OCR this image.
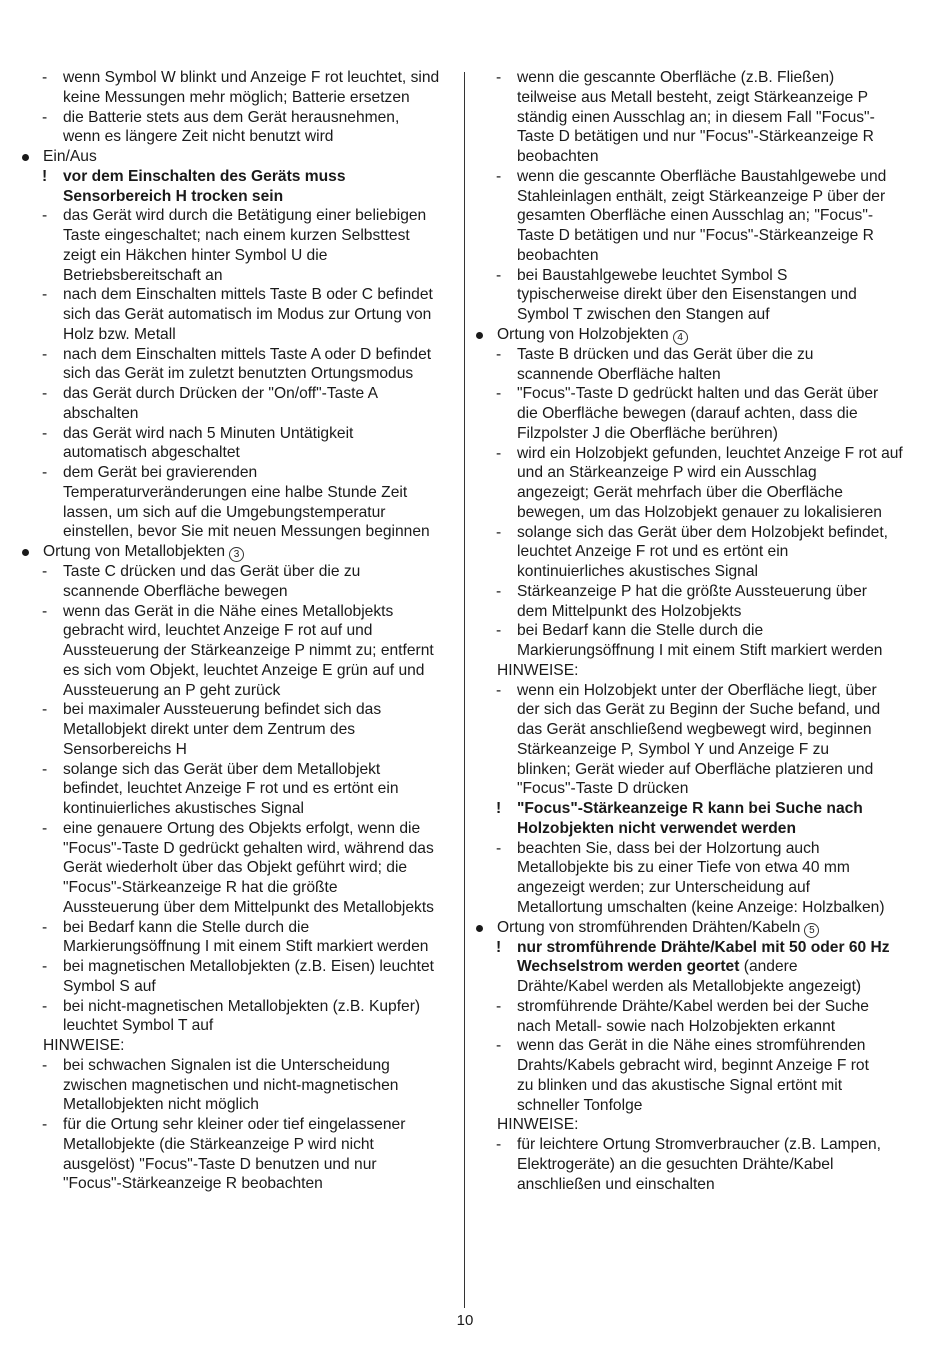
- wenn Symbol W blinkt und Anzeige F rot leuchtet, sind
keine Messungen mehr möglich; Batterie ersetzen
- die Batterie stets aus dem Gerät herausnehmen,
wenn es längere Zeit nicht benutzt wird
Ein/Aus
! vor dem Einschalten des Geräts muss
Sensorbereich H trocken sein
- das Gerät wird durch die Betätigung einer beliebigen
Taste eingeschaltet; nach einem kurzen Selbsttest
zeigt ein Häkchen hinter Symbol U die
Betriebsbereitschaft an
- nach dem Einschalten mittels Taste B oder C befindet
sich das Gerät automatisch im Modus zur Ortung von
Holz bzw. Metall
- nach dem Einschalten mittels Taste A oder D befindet
sich das Gerät im zuletzt benutzten Ortungsmodus
- das Gerät durch Drücken der "On/off"-Taste A
abschalten
- das Gerät wird nach 5 Minuten Untätigkeit
automatisch abgeschaltet
- dem Gerät bei gravierenden
Temperaturveränderungen eine halbe Stunde Zeit
lassen, um sich auf die Umgebungstemperatur
einstellen, bevor Sie mit neuen Messungen beginnen
Ortung von Metallobjekten 3
- Taste C drücken und das Gerät über die zu
scannende Oberfläche bewegen
- wenn das Gerät in die Nähe eines Metallobjekts
gebracht wird, leuchtet Anzeige F rot auf und
Aussteuerung der Stärkeanzeige P nimmt zu; entfernt
es sich vom Objekt, leuchtet Anzeige E grün auf und
Aussteuerung an P geht zurück
- bei maximaler Aussteuerung befindet sich das
Metallobjekt direkt unter dem Zentrum des
Sensorbereichs H
- solange sich das Gerät über dem Metallobjekt
befindet, leuchtet Anzeige F rot und es ertönt ein
kontinuierliches akustisches Signal
- eine genauere Ortung des Objekts erfolgt, wenn die
"Focus"-Taste D gedrückt gehalten wird, während das
Gerät wiederholt über das Objekt geführt wird; die
"Focus"-Stärkeanzeige R hat die größte
Aussteuerung über dem Mittelpunkt des Metallobjekts
- bei Bedarf kann die Stelle durch die
Markierungsöffnung I mit einem Stift markiert werden
- bei magnetischen Metallobjekten (z.B. Eisen) leuchtet
Symbol S auf
- bei nicht-magnetischen Metallobjekten (z.B. Kupfer)
leuchtet Symbol T auf
HINWEISE:
- bei schwachen Signalen ist die Unterscheidung
zwischen magnetischen und nicht-magnetischen
Metallobjekten nicht möglich
- für die Ortung sehr kleiner oder tief eingelassener
Metallobjekte (die Stärkeanzeige P wird nicht
ausgelöst) "Focus"-Taste D benutzen und nur
"Focus"-Stärkeanzeige R beobachten
- wenn die gescannte Oberfläche (z.B. Fließen)
teilweise aus Metall besteht, zeigt Stärkeanzeige P
ständig einen Ausschlag an; in diesem Fall "Focus"-
Taste D betätigen und nur "Focus"-Stärkeanzeige R
beobachten
- wenn die gescannte Oberfläche Baustahlgewebe und
Stahleinlagen enthält, zeigt Stärkeanzeige P über der
gesamten Oberfläche einen Ausschlag an; "Focus"-
Taste D betätigen und nur "Focus"-Stärkeanzeige R
beobachten
- bei Baustahlgewebe leuchtet Symbol S
typischerweise direkt über den Eisenstangen und
Symbol T zwischen den Stangen auf
Ortung von Holzobjekten 4
- Taste B drücken und das Gerät über die zu
scannende Oberfläche halten
- "Focus"-Taste D gedrückt halten und das Gerät über
die Oberfläche bewegen (darauf achten, dass die
Filzpolster J die Oberfläche berühren)
- wird ein Holzobjekt gefunden, leuchtet Anzeige F rot auf
und an Stärkeanzeige P wird ein Ausschlag
angezeigt; Gerät mehrfach über die Oberfläche
bewegen, um das Holzobjekt genauer zu lokalisieren
- solange sich das Gerät über dem Holzobjekt befindet,
leuchtet Anzeige F rot und es ertönt ein
kontinuierliches akustisches Signal
- Stärkeanzeige P hat die größte Aussteuerung über
dem Mittelpunkt des Holzobjekts
- bei Bedarf kann die Stelle durch die
Markierungsöffnung I mit einem Stift markiert werden
HINWEISE:
- wenn ein Holzobjekt unter der Oberfläche liegt, über
der sich das Gerät zu Beginn der Suche befand, und
das Gerät anschließend wegbewegt wird, beginnen
Stärkeanzeige P, Symbol Y und Anzeige F zu
blinken; Gerät wieder auf Oberfläche platzieren und
"Focus"-Taste D drücken
! "Focus"-Stärkeanzeige R kann bei Suche nach
Holzobjekten nicht verwendet werden
- beachten Sie, dass bei der Holzortung auch
Metallobjekte bis zu einer Tiefe von etwa 40 mm
angezeigt werden; zur Unterscheidung auf
Metallortung umschalten (keine Anzeige: Holzbalken)
Ortung von stromführenden Drähten/Kabeln 5
! nur stromführende Drähte/Kabel mit 50 oder 60 Hz
Wechselstrom werden geortet (andere
Drähte/Kabel werden als Metallobjekte angezeigt)
- stromführende Drähte/Kabel werden bei der Suche
nach Metall- sowie nach Holzobjekten erkannt
- wenn das Gerät in die Nähe eines stromführenden
Drahts/Kabels gebracht wird, beginnt Anzeige F rot
zu blinken und das akustische Signal ertönt mit
schneller Tonfolge
HINWEISE:
- für leichtere Ortung Stromverbraucher (z.B. Lampen,
Elektrogeräte) an die gesuchten Drähte/Kabel
anschließen und einschalten
10
